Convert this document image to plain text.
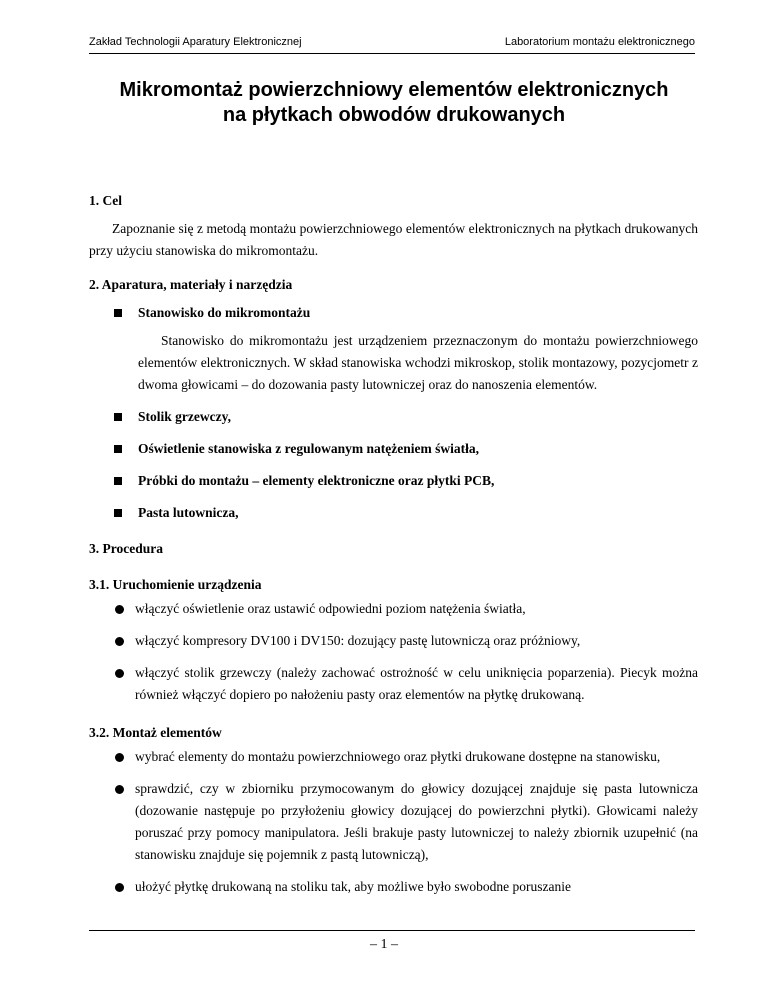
Zakład Technologii Aparatury Elektronicznej	Laboratorium montażu elektronicznego
Mikromontaż powierzchniowy elementów elektronicznych
na płytkach obwodów drukowanych
1. Cel
Zapoznanie się z metodą montażu powierzchniowego elementów elektronicznych na płytkach drukowanych przy użyciu stanowiska do mikromontażu.
2. Aparatura, materiały i narzędzia
Stanowisko do mikromontażu
Stanowisko do mikromontażu jest urządzeniem przeznaczonym do montażu powierzchniowego elementów elektronicznych. W skład stanowiska wchodzi mikroskop, stolik montazowy, pozycjometr z dwoma głowicami – do dozowania pasty lutowniczej oraz do nanoszenia elementów.
Stolik grzewczy,
Oświetlenie stanowiska z regulowanym natężeniem światła,
Próbki do montażu – elementy elektroniczne oraz płytki PCB,
Pasta lutownicza,
3. Procedura
3.1. Uruchomienie urządzenia
włączyć oświetlenie oraz ustawić odpowiedni poziom natężenia światła,
włączyć kompresory DV100 i DV150: dozujący pastę lutowniczą oraz próżniowy,
włączyć stolik grzewczy (należy zachować ostrożność w celu uniknięcia poparzenia). Piecyk można również włączyć dopiero po nałożeniu pasty oraz elementów na płytkę drukowaną.
3.2. Montaż elementów
wybrać elementy do montażu powierzchniowego oraz płytki drukowane dostępne na stanowisku,
sprawdzić, czy w zbiorniku przymocowanym do głowicy dozującej znajduje się pasta lutownicza (dozowanie następuje po przyłożeniu głowicy dozującej do powierzchni płytki). Głowicami należy poruszać przy pomocy manipulatora. Jeśli brakuje pasty lutowniczej to należy zbiornik uzupełnić (na stanowisku znajduje się pojemnik z pastą lutowniczą),
ułożyć płytkę drukowaną na stoliku tak, aby możliwe było swobodne poruszanie
– 1 –
